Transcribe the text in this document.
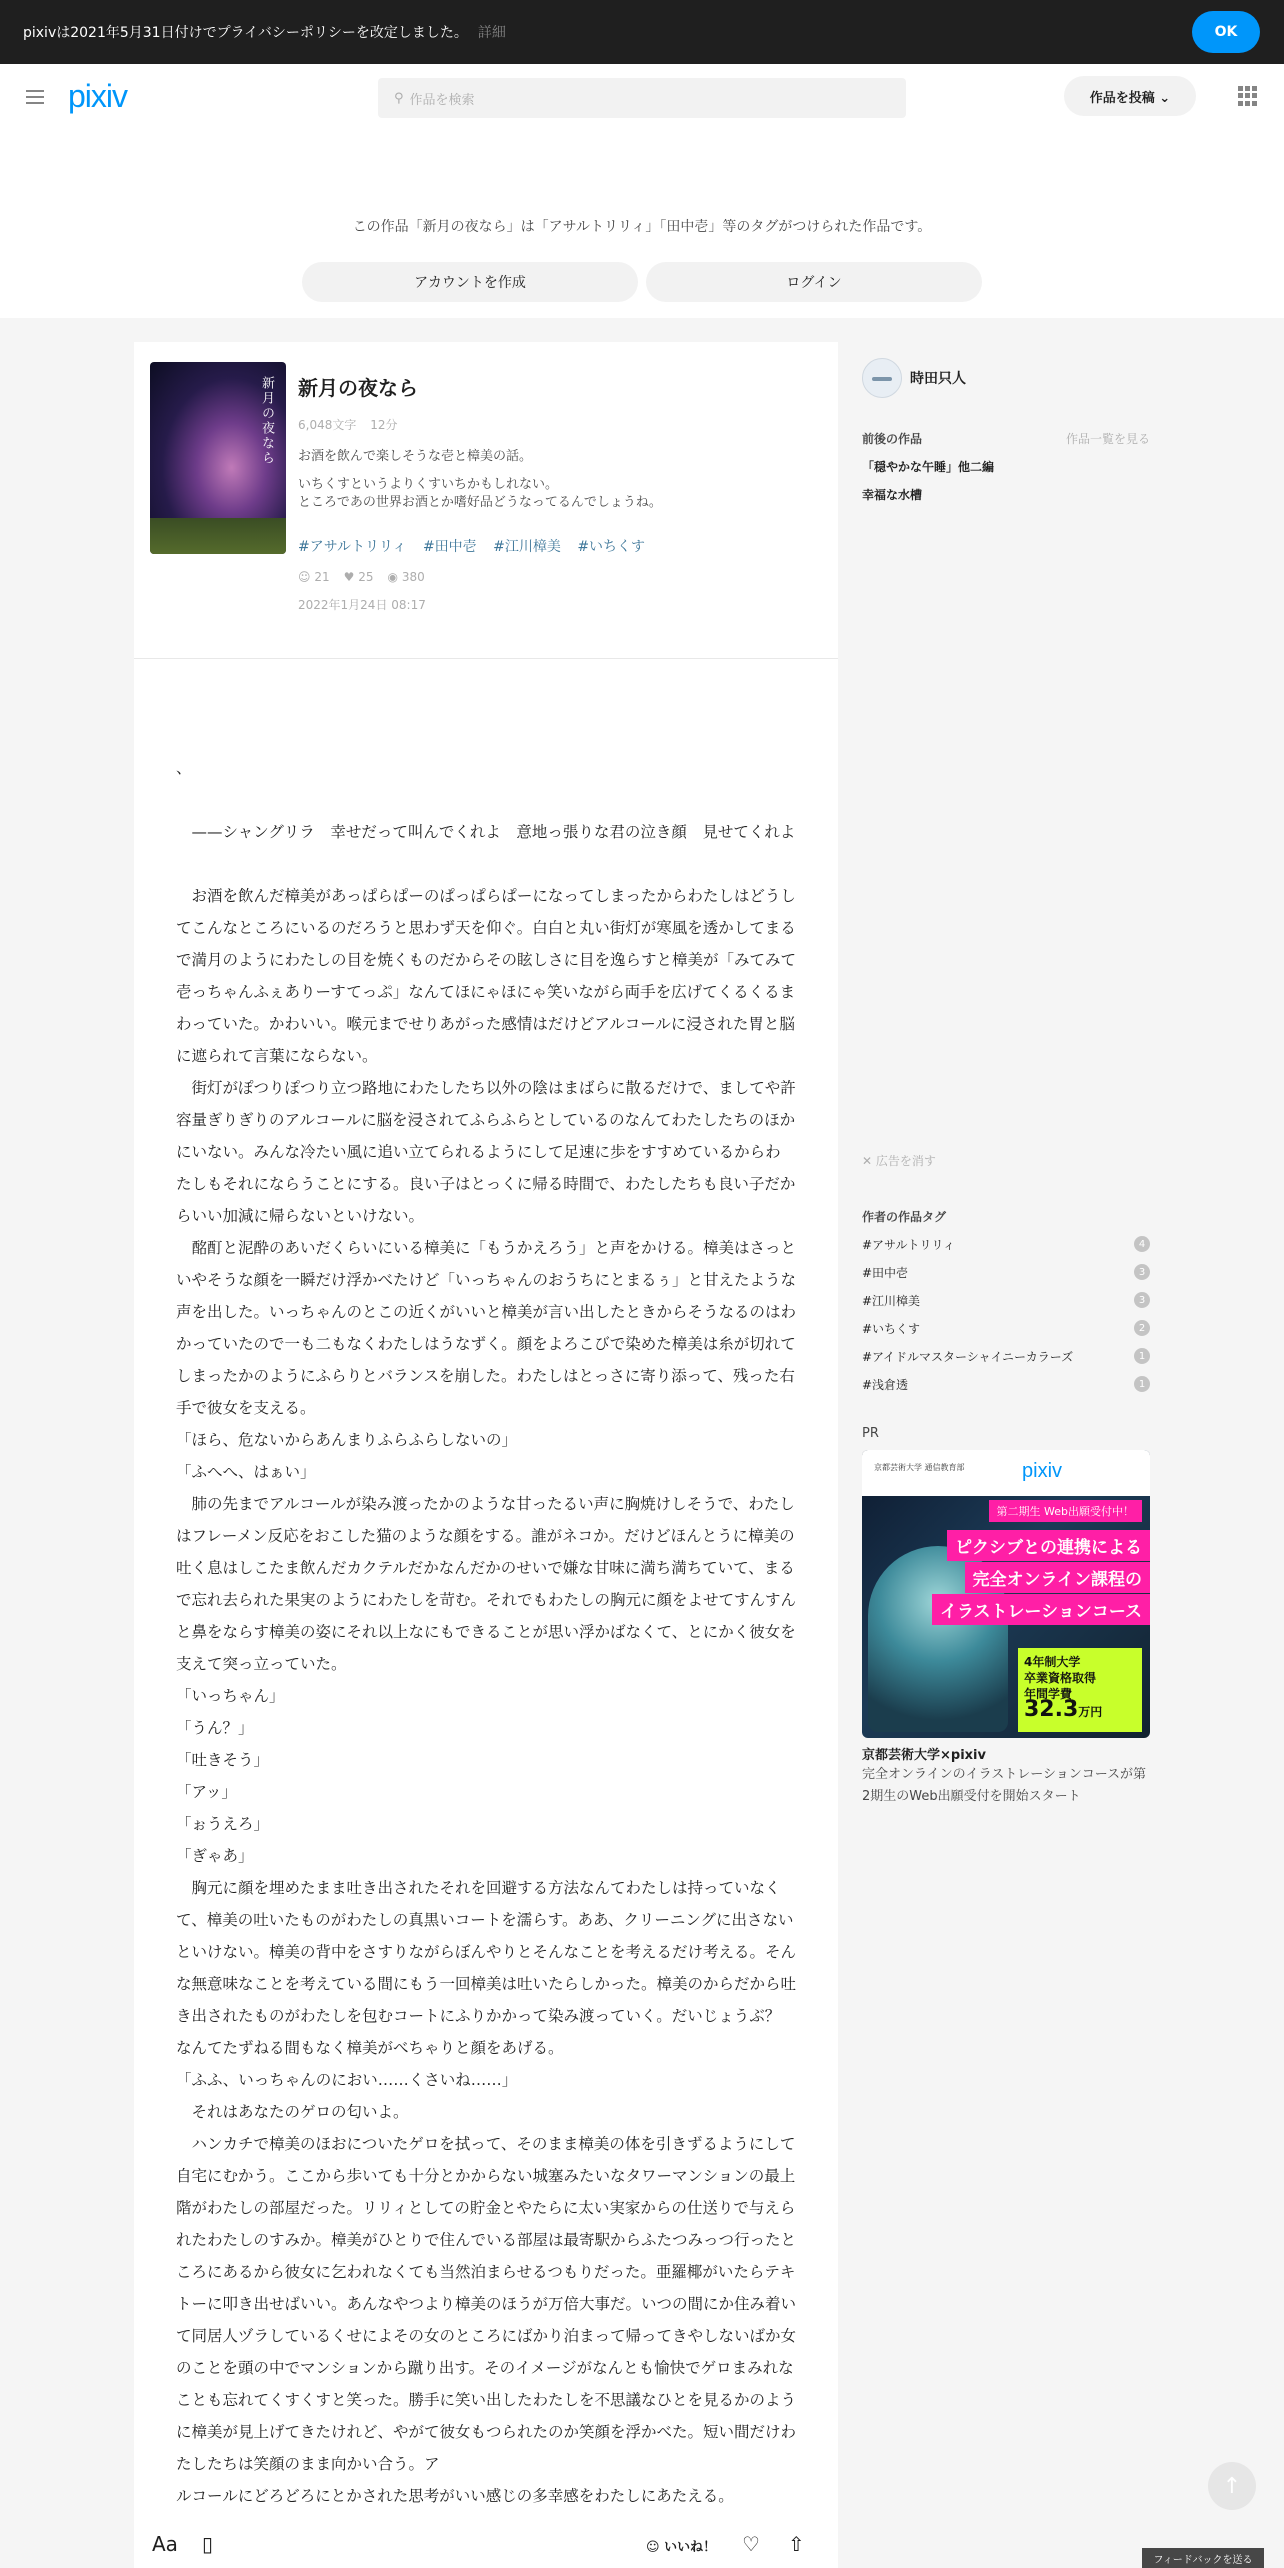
pixivは2021年5月31日付けでプライバシーポリシーを改定しました。 詳細	OK
pixiv	⚲ 作品を検索	作品を投稿 ⌄
この作品「新月の夜なら」は「アサルトリリィ」「田中壱」等のタグがつけられた作品です。
アカウントを作成	ログイン
新月の夜なら 新月の夜なら
6,048文字 12分

お酒を飲んで楽しそうな壱と樟美の話。

いちくすというよりくすいちかもしれない。
ところであの世界お酒とか嗜好品どうなってるんでしょうね。
#アサルトリリィ #田中壱 #江川樟美 #いちくす
☺ 21 ♥ 25 ◉ 380
2022年1月24日 08:17

、

　——シャングリラ　幸せだって叫んでくれよ　意地っ張りな君の泣き顔　見せてくれよ

　お酒を飲んだ樟美があっぱらぱーのぱっぱらぱーになってしまったからわたしはどうしてこんなところにいるのだろうと思わず天を仰ぐ。白白と丸い街灯が寒風を透かしてまるで満月のようにわたしの目を焼くものだからその眩しさに目を逸らすと樟美が「みてみて壱っちゃんふぇありーすてっぷ」なんてほにゃほにゃ笑いながら両手を広げてくるくるまわっていた。かわいい。喉元までせりあがった感情はだけどアルコールに浸された胃と脳に遮られて言葉にならない。

　街灯がぽつりぽつり立つ路地にわたしたち以外の陰はまばらに散るだけで、ましてや許容量ぎりぎりのアルコールに脳を浸されてふらふらとしているのなんてわたしたちのほかにいない。みんな冷たい風に追い立てられるようにして足速に歩をすすめているからわたしもそれにならうことにする。良い子はとっくに帰る時間で、わたしたちも良い子だからいい加減に帰らないといけない。

　酩酊と泥酔のあいだくらいにいる樟美に「もうかえろう」と声をかける。樟美はさっといやそうな顔を一瞬だけ浮かべたけど「いっちゃんのおうちにとまるぅ」と甘えたような声を出した。いっちゃんのとこの近くがいいと樟美が言い出したときからそうなるのはわかっていたので一も二もなくわたしはうなずく。顔をよろこびで染めた樟美は糸が切れてしまったかのようにふらりとバランスを崩した。わたしはとっさに寄り添って、残った右手で彼女を支える。

「ほら、危ないからあんまりふらふらしないの」

「ふへへ、はぁい」

　肺の先までアルコールが染み渡ったかのような甘ったるい声に胸焼けしそうで、わたしはフレーメン反応をおこした猫のような顔をする。誰がネコか。だけどほんとうに樟美の吐く息はしこたま飲んだカクテルだかなんだかのせいで嫌な甘味に満ち満ちていて、まるで忘れ去られた果実のようにわたしを苛む。それでもわたしの胸元に顔をよせてすんすんと鼻をならす樟美の姿にそれ以上なにもできることが思い浮かばなくて、とにかく彼女を支えて突っ立っていた。

「いっちゃん」

「うん？」

「吐きそう」

「アッ」

「ぉうえろ」

「ぎゃあ」

　胸元に顔を埋めたまま吐き出されたそれを回避する方法なんてわたしは持っていなくて、樟美の吐いたものがわたしの真黒いコートを濡らす。ああ、クリーニングに出さないといけない。樟美の背中をさすりながらぼんやりとそんなことを考えるだけ考える。そんな無意味なことを考えている間にもう一回樟美は吐いたらしかった。樟美のからだから吐き出されたものがわたしを包むコートにふりかかって染み渡っていく。だいじょうぶ？　なんてたずねる間もなく樟美がべちゃりと顔をあげる。

「ふふ、いっちゃんのにおい……くさいね……」

　それはあなたのゲロの匂いよ。

　ハンカチで樟美のほおについたゲロを拭って、そのまま樟美の体を引きずるようにして自宅にむかう。ここから歩いても十分とかからない城塞みたいなタワーマンションの最上階がわたしの部屋だった。リリィとしての貯金とやたらに太い実家からの仕送りで与えられたわたしのすみか。樟美がひとりで住んでいる部屋は最寄駅からふたつみっつ行ったところにあるから彼女に乞われなくても当然泊まらせるつもりだった。亜羅椰がいたらテキトーに叩き出せばいい。あんなやつより樟美のほうが万倍大事だ。いつの間にか住み着いて同居人ヅラしているくせによその女のところにばかり泊まって帰ってきやしないばか女のことを頭の中でマンションから蹴り出す。そのイメージがなんとも愉快でゲロまみれなことも忘れてくすくすと笑った。勝手に笑い出したわたしを不思議なひとを見るかのように樟美が見上げてきたけれど、やがて彼女もつられたのか笑顔を浮かべた。短い間だけわたしたちは笑顔のまま向かい合う。ア

ルコールにどろどろにとかされた思考がいい感じの多幸感をわたしにあたえる。

時田只人
前後の作品	作品一覧を見る
「穏やかな午睡」他二編
幸福な水槽
✕ 広告を消す
作者の作品タグ
#アサルトリリィ	4
#田中壱	3
#江川樟美	3
#いちくす	2
#アイドルマスターシャイニーカラーズ	1
#浅倉透	1
PR
京都芸術大学 通信教育部	pixiv
第二期生 Web出願受付中！
ピクシブとの連携による
完全オンライン課程の
イラストレーションコース
4年制大学
卒業資格取得
年間学費
32.3万円
京都芸術大学×pixiv
完全オンラインのイラストレーションコースが第2期生のWeb出願受付を開始スタート
Aa ▯	☺ いいね！ ♡ ⇧
↑
フィードバックを送る
